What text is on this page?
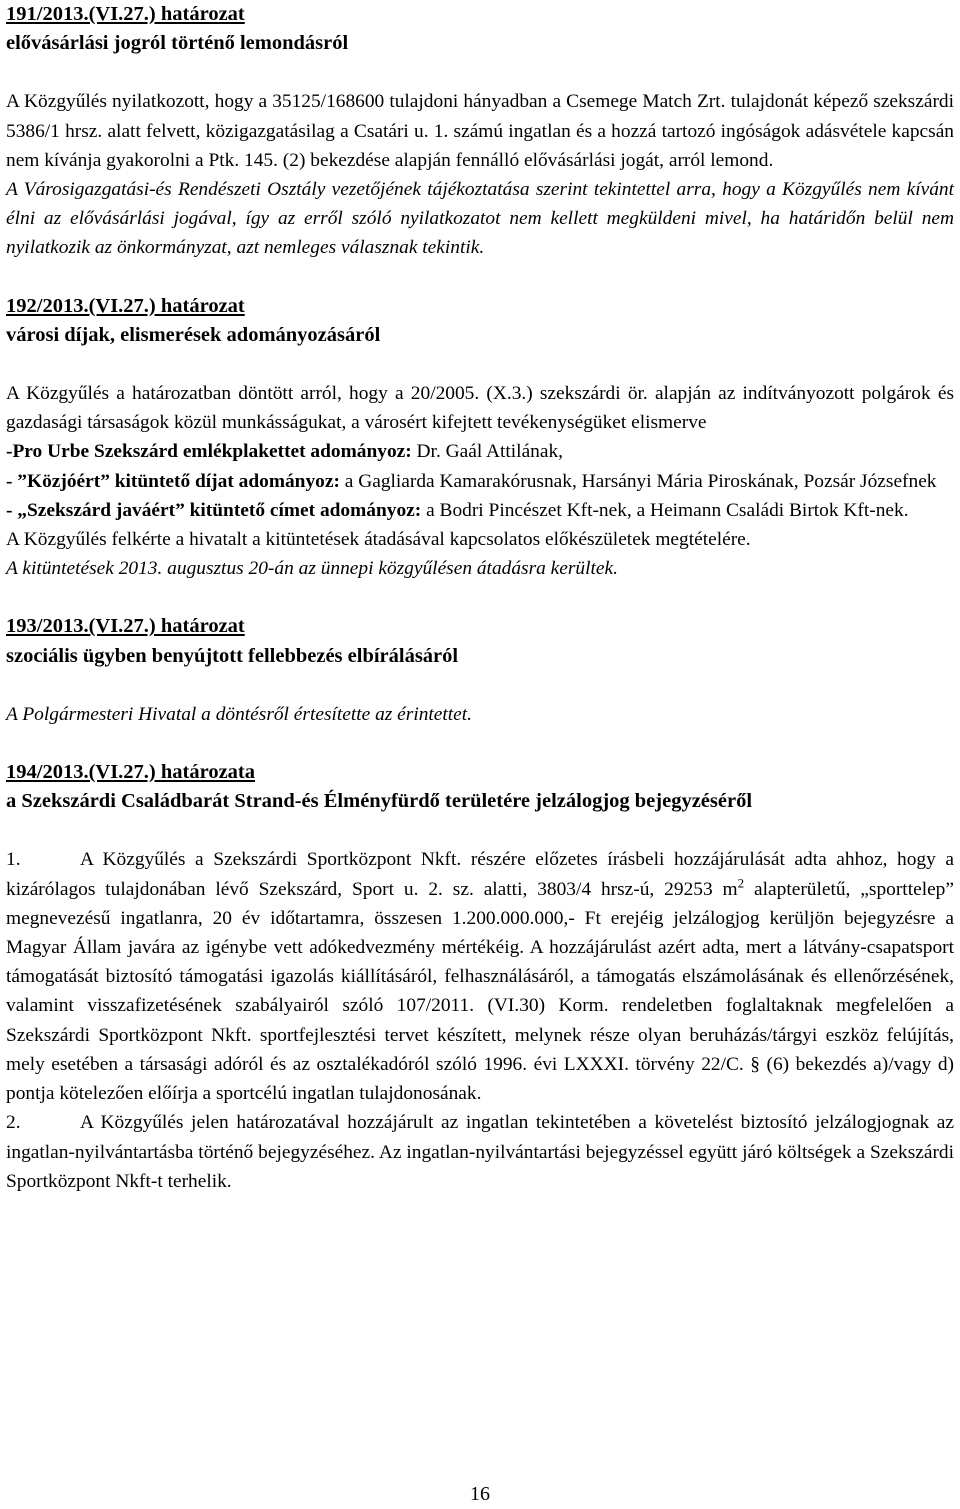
191/2013.(VI.27.) határozat

elővásárlási jogról történő lemondásról

A Közgyűlés nyilatkozott, hogy a 35125/168600 tulajdoni hányadban a Csemege Match Zrt. tulajdonát képező szekszárdi 5386/1 hrsz. alatt felvett, közigazgatásilag a Csatári u. 1. számú ingatlan és a hozzá tartozó ingóságok adásvétele kapcsán nem kívánja gyakorolni a Ptk. 145. (2) bekezdése alapján fennálló elővásárlási jogát, arról lemond.

A Városigazgatási-és Rendészeti Osztály vezetőjének tájékoztatása szerint tekintettel arra, hogy a Közgyűlés nem kívánt élni az elővásárlási jogával, így az erről szóló nyilatkozatot nem kellett megküldeni mivel, ha határidőn belül nem nyilatkozik az önkormányzat, azt nemleges válasznak tekintik.

192/2013.(VI.27.) határozat

városi díjak, elismerések adományozásáról

A Közgyűlés a határozatban döntött arról, hogy a 20/2005. (X.3.) szekszárdi ör. alapján az indítványozott polgárok és gazdasági társaságok közül munkásságukat, a városért kifejtett tevékenységüket elismerve

-Pro Urbe Szekszárd emlékplakettet adományoz: Dr. Gaál Attilának,

- ”Közjóért” kitüntető díjat adományoz: a Gagliarda Kamarakórusnak, Harsányi Mária Piroskának, Pozsár Józsefnek

- „Szekszárd javáért” kitüntető címet adományoz: a Bodri Pincészet Kft-nek, a Heimann Családi Birtok Kft-nek.

A Közgyűlés felkérte a hivatalt a kitüntetések átadásával kapcsolatos előkészületek megtételére.

A kitüntetések 2013. augusztus 20-án az ünnepi közgyűlésen átadásra kerültek.

193/2013.(VI.27.) határozat

szociális ügyben benyújtott fellebbezés elbírálásáról

A Polgármesteri Hivatal a döntésről értesítette az érintettet.

194/2013.(VI.27.) határozata

a Szekszárdi Családbarát Strand-és Élményfürdő területére jelzálogjog bejegyzéséről

1.	A Közgyűlés a Szekszárdi Sportközpont Nkft. részére előzetes írásbeli hozzájárulását adta ahhoz, hogy a kizárólagos tulajdonában lévő Szekszárd, Sport u. 2. sz. alatti, 3803/4 hrsz-ú, 29253 $m^2$ alapterületű, „sporttelep” megnevezésű ingatlanra, 20 év időtartamra, összesen 1.200.000.000,- Ft erejéig jelzálogjog kerüljön bejegyzésre a Magyar Állam javára az igénybe vett adókedvezmény mértékéig. A hozzájárulást azért adta, mert a látvány-csapatsport támogatását biztosító támogatási igazolás kiállításáról, felhasználásáról, a támogatás elszámolásának és ellenőrzésének, valamint visszafizetésének szabályairól szóló 107/2011. (VI.30) Korm. rendeletben foglaltaknak megfelelően a Szekszárdi Sportközpont Nkft. sportfejlesztési tervet készített, melynek része olyan beruházás/tárgyi eszköz felújítás, mely esetében a társasági adóról és az osztalékadóról szóló 1996. évi LXXXI. törvény 22/C. § (6) bekezdés a)/vagy d) pontja kötelezően előírja a sportcélú ingatlan tulajdonosának.

2.	A Közgyűlés jelen határozatával hozzájárult az ingatlan tekintetében a követelést biztosító jelzálogjognak az ingatlan-nyilvántartásba történő bejegyzéséhez. Az ingatlan-nyilvántartási bejegyzéssel együtt járó költségek a Szekszárdi Sportközpont Nkft-t terhelik.

16
